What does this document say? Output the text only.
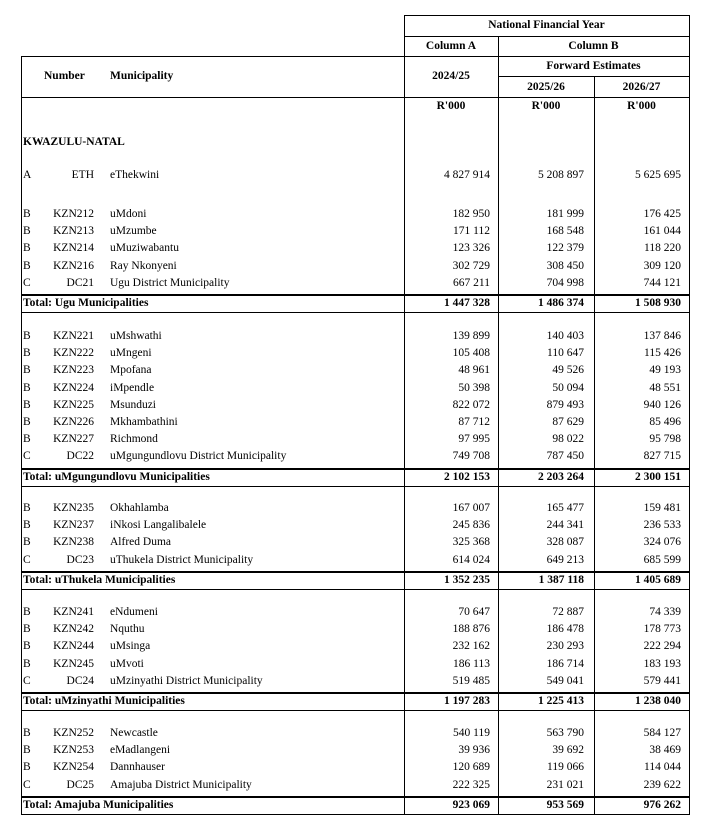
National Financial Year
Column A	Column B
Forward Estimates
Number Municipality	2024/25
2025/26	2026/27
R'000	R'000	R'000
KWAZULU-NATAL
A	ETH eThekwini	4 827 914	5 208 897	5 625 695
B	KZN212 uMdoni	182 950	181 999	176 425
B	KZN213 uMzumbe	171 112	168 548	161 044
B	KZN214 uMuziwabantu	123 326	122 379	118 220
B	KZN216 Ray Nkonyeni	302 729	308 450	309 120
C	DC21 Ugu District Municipality	667 211	704 998	744 121
Total: Ugu Municipalities	1 447 328	1 486 374	1 508 930
B	KZN221 uMshwathi	139 899	140 403	137 846
B	KZN222 uMngeni	105 408	110 647	115 426
B	KZN223 Mpofana	48 961	49 526	49 193
B	KZN224 iMpendle	50 398	50 094	48 551
B	KZN225 Msunduzi	822 072	879 493	940 126
B	KZN226 Mkhambathini	87 712	87 629	85 496
B	KZN227 Richmond	97 995	98 022	95 798
C	DC22 uMgungundlovu District Municipality	749 708	787 450	827 715
Total: uMgungundlovu Municipalities	2 102 153	2 203 264	2 300 151
B	KZN235 Okhahlamba	167 007	165 477	159 481
B	KZN237 iNkosi Langalibalele	245 836	244 341	236 533
B	KZN238 Alfred Duma	325 368	328 087	324 076
C	DC23 uThukela District Municipality	614 024	649 213	685 599
Total: uThukela Municipalities	1 352 235	1 387 118	1 405 689
B	KZN241 eNdumeni	70 647	72 887	74 339
B	KZN242 Nquthu	188 876	186 478	178 773
B	KZN244 uMsinga	232 162	230 293	222 294
B	KZN245 uMvoti	186 113	186 714	183 193
C	DC24 uMzinyathi District Municipality	519 485	549 041	579 441
Total: uMzinyathi Municipalities	1 197 283	1 225 413	1 238 040
B	KZN252 Newcastle	540 119	563 790	584 127
B	KZN253 eMadlangeni	39 936	39 692	38 469
B	KZN254 Dannhauser	120 689	119 066	114 044
C	DC25 Amajuba District Municipality	222 325	231 021	239 622
Total: Amajuba Municipalities	923 069	953 569	976 262
